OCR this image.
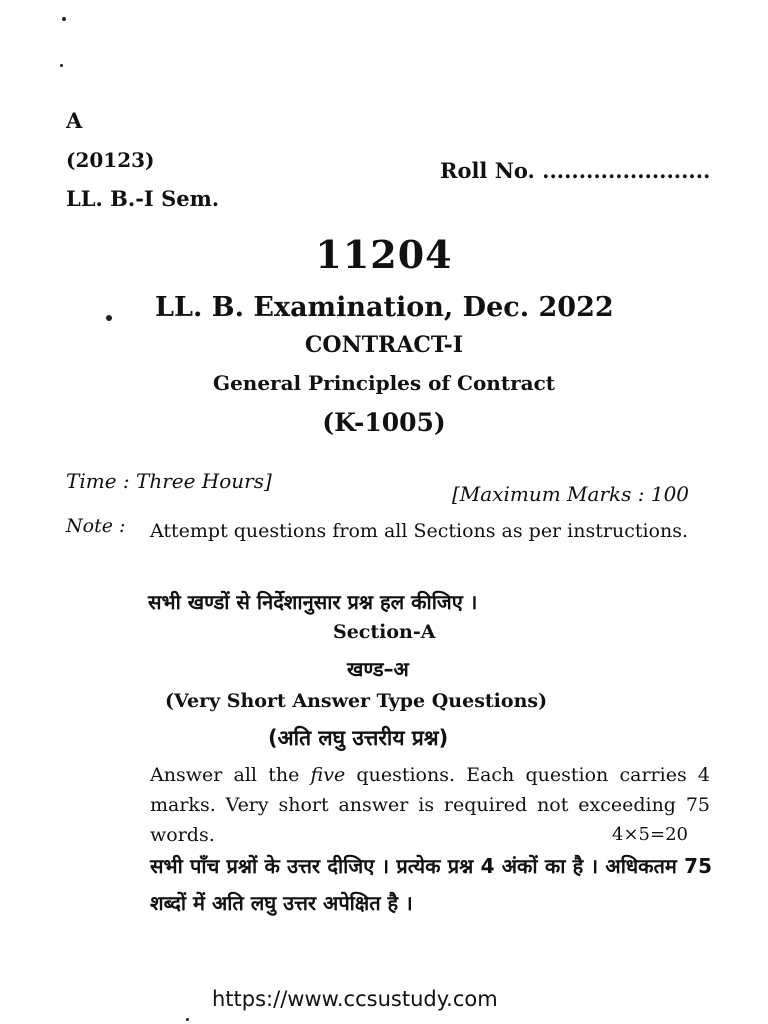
A
(20123)
LL. B.-I Sem.
Roll No. .......................
11204
LL. B. Examination, Dec. 2022
CONTRACT-I
General Principles of Contract
(K-1005)
Time : Three Hours]
[Maximum Marks : 100
Note : Attempt questions from all Sections as per instructions.
सभी खण्डों से निर्देशानुसार प्रश्न हल कीजिए ।
Section-A
खण्ड–अ
(Very Short Answer Type Questions)
(अति लघु उत्तरीय प्रश्न)
Answer all the five questions. Each question carries 4 marks. Very short answer is required not exceeding 75 words.	4×5=20
सभी पाँच प्रश्नों के उत्तर दीजिए । प्रत्येक प्रश्न 4 अंकों का है । अधिकतम 75 शब्दों में अति लघु उत्तर अपेक्षित है ।
https://www.ccsustudy.com
